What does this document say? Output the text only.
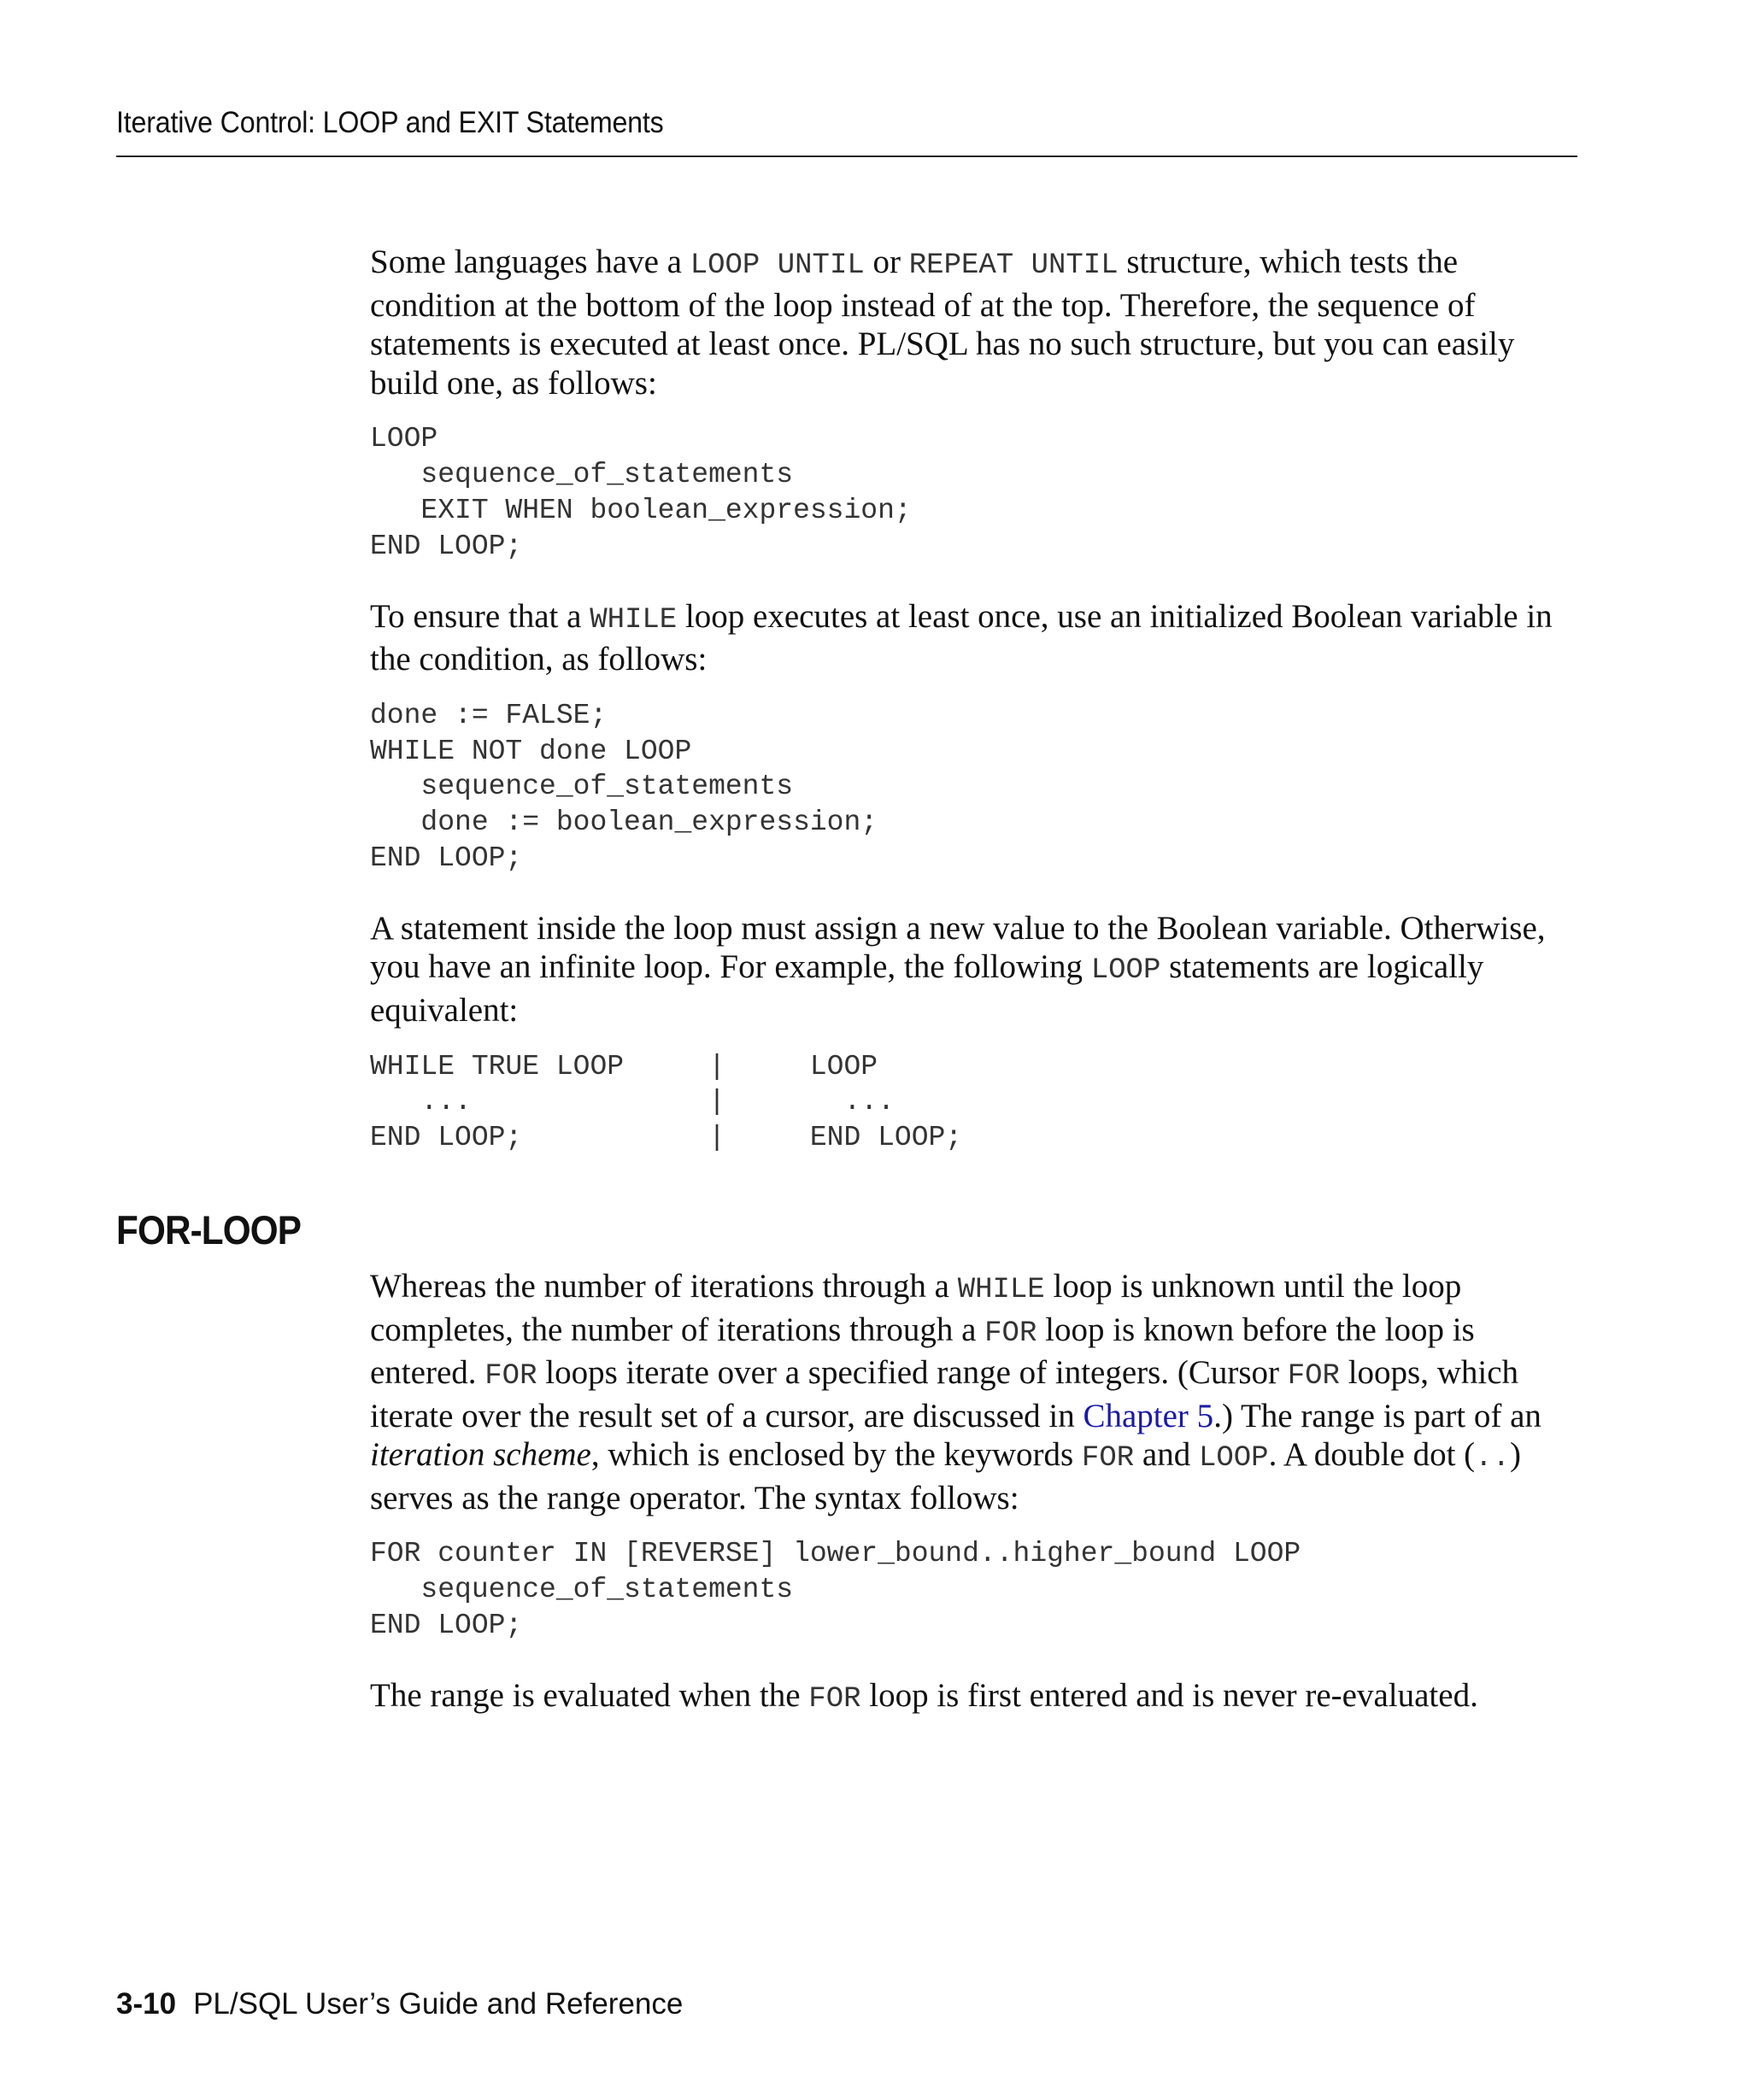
Iterative Control: LOOP and EXIT Statements

Some languages have a LOOP UNTIL or REPEAT UNTIL structure, which tests the condition at the bottom of the loop instead of at the top. Therefore, the sequence of statements is executed at least once. PL/SQL has no such structure, but you can easily build one, as follows:

LOOP
sequence_of_statements
EXIT WHEN boolean_expression;
END LOOP;

To ensure that a WHILE loop executes at least once, use an initialized Boolean variable in the condition, as follows:

done := FALSE;
WHILE NOT done LOOP
sequence_of_statements
done := boolean_expression;
END LOOP;

A statement inside the loop must assign a new value to the Boolean variable. Otherwise, you have an infinite loop. For example, the following LOOP statements are logically equivalent:

WHILE TRUE LOOP     |     LOOP
...              |       ...
END LOOP;           |     END LOOP;

Whereas the number of iterations through a WHILE loop is unknown until the loop completes, the number of iterations through a FOR loop is known before the loop is entered. FOR loops iterate over a specified range of integers. (Cursor FOR loops, which iterate over the result set of a cursor, are discussed in Chapter 5.) The range is part of an iteration scheme, which is enclosed by the keywords FOR and LOOP. A double dot (..) serves as the range operator. The syntax follows:

FOR counter IN [REVERSE] lower_bound..higher_bound LOOP
sequence_of_statements
END LOOP;

The range is evaluated when the FOR loop is first entered and is never re-evaluated.

FOR-LOOP
3-10 PL/SQL User’s Guide and Reference
